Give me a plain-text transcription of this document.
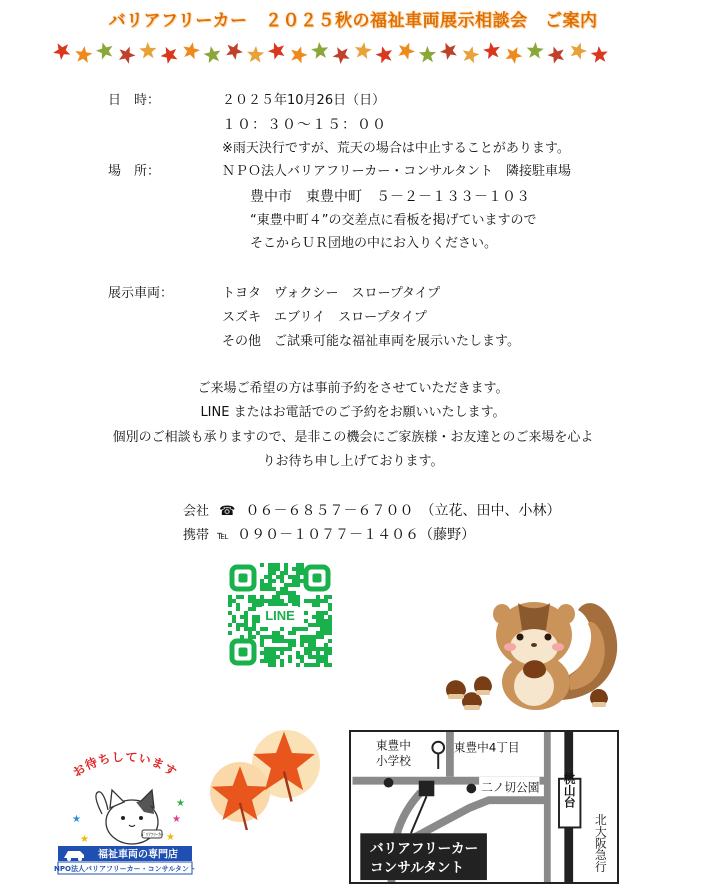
バリアフリーカー　２０２５秋の福祉車両展示相談会　ご案内
日　時：	２０２５年10月26日（日）
１０：３０～１５：００
※雨天決行ですが、荒天の場合は中止することがあります。
場　所：	ＮＰＯ法人バリアフリーカー・コンサルタント　隣接駐車場
豊中市　東豊中町　５－２－１３３－１０３
“東豊中町４”の交差点に看板を掲げていますので
そこからＵＲ団地の中にお入りください。
展示車両：	トヨタ　ヴォクシー　スロープタイプ
スズキ　エブリイ　スロープタイプ
その他　ご試乗可能な福祉車両を展示いたします。
ご来場ご希望の方は事前予約をさせていただきます。
LINE またはお電話でのご予約をお願いいたします。
個別のご相談も承りますので、是非この機会にご家族様・お友達とのご来場を心よ
りお待ち申し上げております。
会社 ☎ ０６－６８５７－６７００　（立花、田中、小林）
携帯 ℡ ０９０－１０７７－１４０６（藤野）
LINE
お待ちしています
★
★
★
★
★
ﾊﾞﾘｱﾌﾘｰｶｰ
福祉車両の専門店
NPO法人バリアフリーカー・コンサルタント
桃山台
北大阪急行
東豊中
小学校
東豊中4丁目
二ノ切公園
バリアフリーカー
コンサルタント
